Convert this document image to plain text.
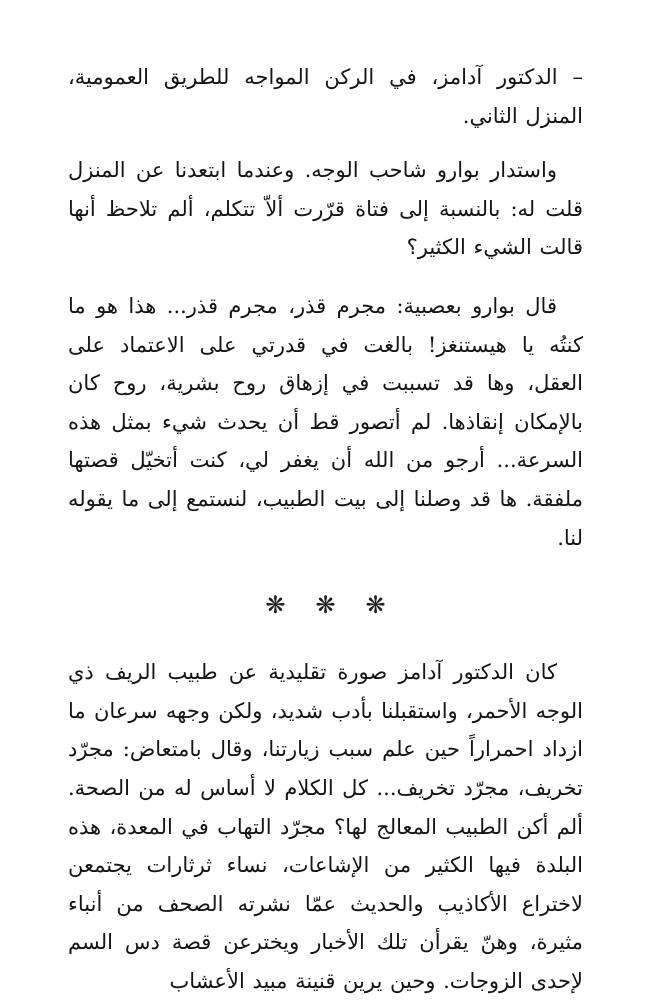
– الدكتور آدامز، في الركن المواجه للطريق العمومية، المنزل الثاني.

واستدار بوارو شاحب الوجه. وعندما ابتعدنا عن المنزل قلت له: بالنسبة إلى فتاة قرّرت ألاّ تتكلم، ألم تلاحظ أنها قالت الشيء الكثير؟

قال بوارو بعصبية: مجرم قذر، مجرم قذر... هذا هو ما كنتُه يا هيستنغز! بالغت في قدرتي على الاعتماد على العقل، وها قد تسببت في إزهاق روح بشرية، روح كان بالإمكان إنقاذها. لم أتصور قط أن يحدث شيء بمثل هذه السرعة... أرجو من الله أن يغفر لي، كنت أتخيّل قصتها ملفقة. ها قد وصلنا إلى بيت الطبيب، لنستمع إلى ما يقوله لنا.

❋ ❋ ❋

كان الدكتور آدامز صورة تقليدية عن طبيب الريف ذي الوجه الأحمر، واستقبلنا بأدب شديد، ولكن وجهه سرعان ما ازداد احمراراً حين علم سبب زيارتنا، وقال بامتعاض: مجرّد تخريف، مجرّد تخريف... كل الكلام لا أساس له من الصحة. ألم أكن الطبيب المعالج لها؟ مجرّد التهاب في المعدة، هذه البلدة فيها الكثير من الإشاعات، نساء ثرثارات يجتمعن لاختراع الأكاذيب والحديث عمّا نشرته الصحف من أنباء مثيرة، وهنّ يقرأن تلك الأخبار ويخترعن قصة دس السم لإحدى الزوجات. وحين يرين قنينة مبيد الأعشاب
